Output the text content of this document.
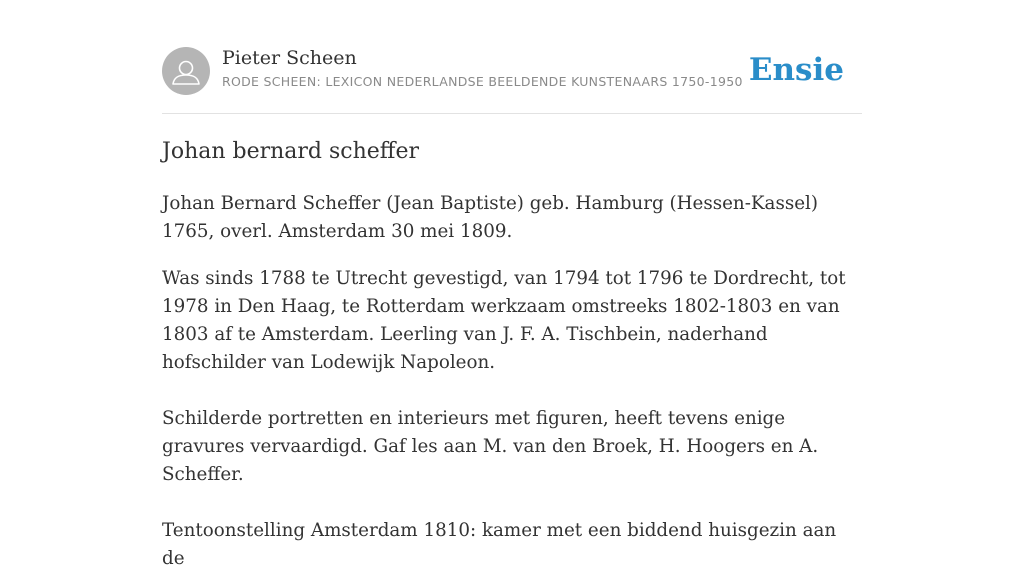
Pieter Scheen
RODE SCHEEN: LEXICON NEDERLANDSE BEELDENDE KUNSTENAARS 1750-1950 Ensie
Johan bernard scheffer

Johan Bernard Scheffer (Jean Baptiste) geb. Hamburg (Hessen-Kassel) 1765, overl. Amsterdam 30 mei 1809.

Was sinds 1788 te Utrecht gevestigd, van 1794 tot 1796 te Dordrecht, tot 1978 in Den Haag, te Rotterdam werkzaam omstreeks 1802-1803 en van 1803 af te Amsterdam. Leerling van J. F. A. Tischbein, naderhand hofschilder van Lodewijk Napoleon.

Schilderde portretten en interieurs met figuren, heeft tevens enige gravures vervaardigd. Gaf les aan M. van den Broek, H. Hoogers en A. Scheffer.

Tentoonstelling Amsterdam 1810: kamer met een biddend huisgezin aan de
